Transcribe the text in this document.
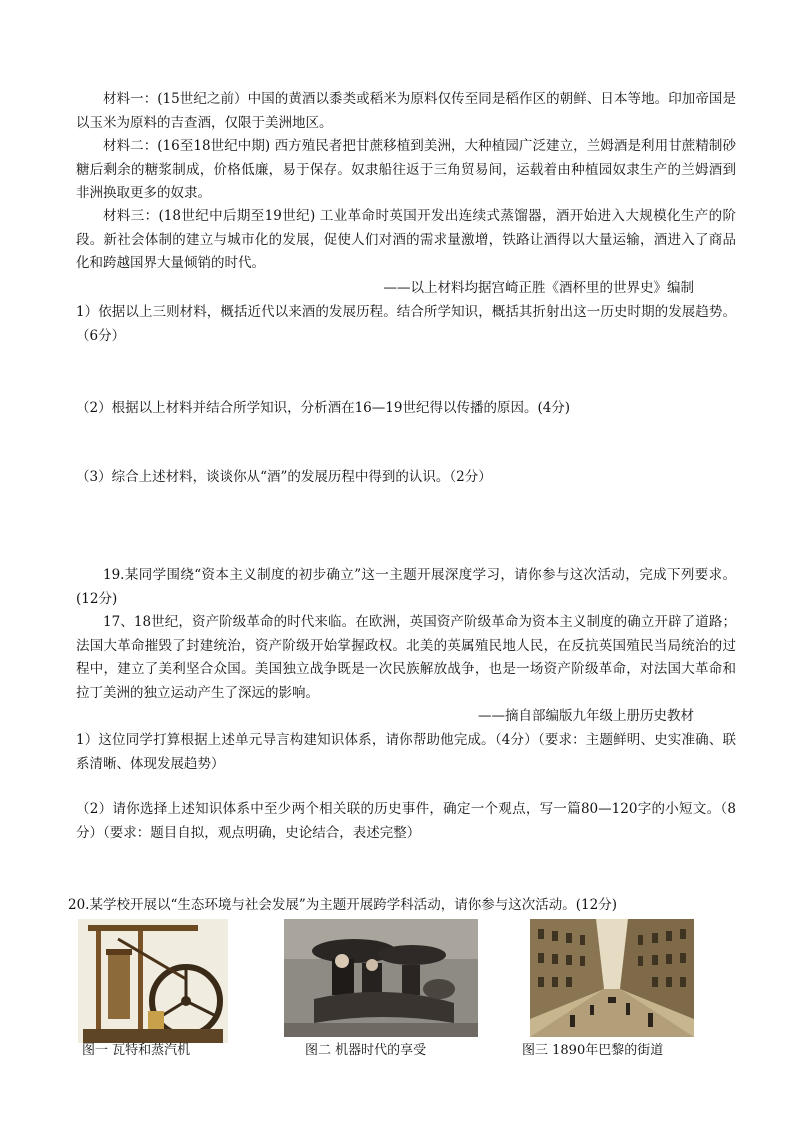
材料一：(15世纪之前）中国的黄酒以黍类或稻米为原料仅传至同是稻作区的朝鲜、日本等地。印加帝国是以玉米为原料的吉查酒，仅限于美洲地区。

材料二：(16至18世纪中期) 西方殖民者把甘蔗移植到美洲，大种植园广泛建立，兰姆酒是利用甘蔗精制砂糖后剩余的糖浆制成，价格低廉，易于保存。奴隶船往返于三角贸易间，运载着由种植园奴隶生产的兰姆酒到非洲换取更多的奴隶。

材料三：(18世纪中后期至19世纪) 工业革命时英国开发出连续式蒸馏器，酒开始进入大规模化生产的阶段。新社会体制的建立与城市化的发展，促使人们对酒的需求量激增，铁路让酒得以大量运输，酒进入了商品化和跨越国界大量倾销的时代。

——以上材料均据宫崎正胜《酒杯里的世界史》编制

1）依据以上三则材料，概括近代以来酒的发展历程。结合所学知识，概括其折射出这一历史时期的发展趋势。（6分）

（2）根据以上材料并结合所学知识，分析酒在16—19世纪得以传播的原因。(4分)

（3）综合上述材料，谈谈你从“酒”的发展历程中得到的认识。（2分）

19.某同学围绕“资本主义制度的初步确立”这一主题开展深度学习，请你参与这次活动，完成下列要求。(12分)

17、18世纪，资产阶级革命的时代来临。在欧洲，英国资产阶级革命为资本主义制度的确立开辟了道路；法国大革命摧毁了封建统治，资产阶级开始掌握政权。北美的英属殖民地人民，在反抗英国殖民当局统治的过程中，建立了美利坚合众国。美国独立战争既是一次民族解放战争，也是一场资产阶级革命，对法国大革命和拉丁美洲的独立运动产生了深远的影响。

——摘自部编版九年级上册历史教材

1）这位同学打算根据上述单元导言构建知识体系，请你帮助他完成。（4分）（要求：主题鲜明、史实准确、联系清晰、体现发展趋势）

（2）请你选择上述知识体系中至少两个相关联的历史事件，确定一个观点，写一篇80—120字的小短文。（8分）（要求：题目自拟，观点明确，史论结合，表述完整）

20.某学校开展以“生态环境与社会发展”为主题开展跨学科活动，请你参与这次活动。(12分)

图一 瓦特和蒸汽机	图二 机器时代的享受	图三 1890年巴黎的街道
